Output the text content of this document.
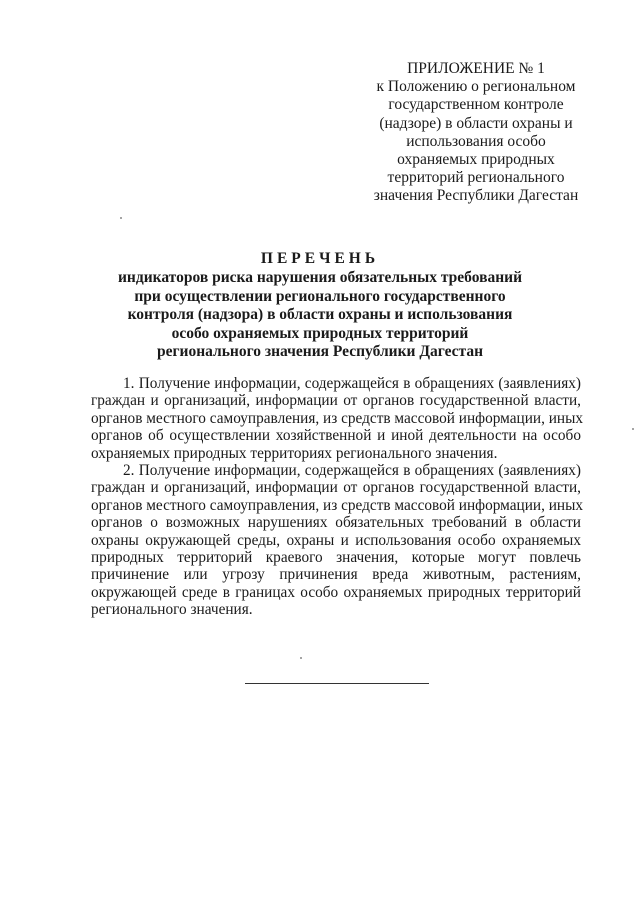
ПРИЛОЖЕНИЕ № 1
к Положению о региональном
государственном контроле
(надзоре) в области охраны и
использования особо
охраняемых природных
территорий регионального
значения Республики Дагестан
ПЕРЕЧЕНЬ
индикаторов риска нарушения обязательных требований
при осуществлении регионального государственного
контроля (надзора) в области охраны и использования
особо охраняемых природных территорий
регионального значения Республики Дагестан

1. Получение информации, содержащейся в обращениях (заявлениях)
граждан и организаций, информации от органов государственной власти,
органов местного самоуправления, из средств массовой информации, иных
органов об осуществлении хозяйственной и иной деятельности на особо
охраняемых природных территориях регионального значения.

2. Получение информации, содержащейся в обращениях (заявлениях)
граждан и организаций, информации от органов государственной власти,
органов местного самоуправления, из средств массовой информации, иных
органов о возможных нарушениях обязательных требований в области
охраны окружающей среды, охраны и использования особо охраняемых
природных территорий краевого значения, которые могут повлечь
причинение или угрозу причинения вреда животным, растениям,
окружающей среде в границах особо охраняемых природных территорий
регионального значения.
